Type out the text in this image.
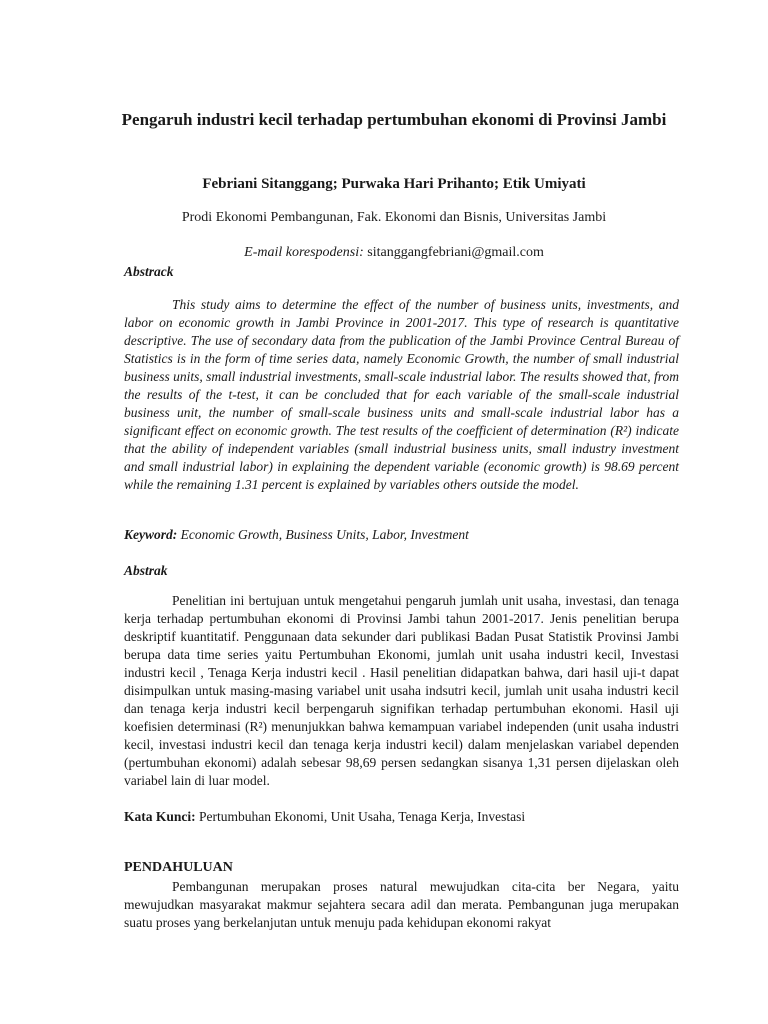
Pengaruh industri kecil terhadap pertumbuhan ekonomi di Provinsi Jambi
Febriani Sitanggang; Purwaka Hari Prihanto; Etik Umiyati
Prodi Ekonomi Pembangunan, Fak. Ekonomi dan Bisnis, Universitas Jambi
E-mail korespodensi: sitanggangfebriani@gmail.com
Abstrack

This study aims to determine the effect of the number of business units, investments, and labor on economic growth in Jambi Province in 2001-2017. This type of research is quantitative descriptive. The use of secondary data from the publication of the Jambi Province Central Bureau of Statistics is in the form of time series data, namely Economic Growth, the number of small industrial business units, small industrial investments, small-scale industrial labor. The results showed that, from the results of the t-test, it can be concluded that for each variable of the small-scale industrial business unit, the number of small-scale business units and small-scale industrial labor has a significant effect on economic growth. The test results of the coefficient of determination (R²) indicate that the ability of independent variables (small industrial business units, small industry investment and small industrial labor) in explaining the dependent variable (economic growth) is 98.69 percent while the remaining 1.31 percent is explained by variables others outside the model.

Keyword: Economic Growth, Business Units, Labor, Investment
Abstrak

Penelitian ini bertujuan untuk mengetahui pengaruh jumlah unit usaha, investasi, dan tenaga kerja terhadap pertumbuhan ekonomi di Provinsi Jambi tahun 2001-2017. Jenis penelitian berupa deskriptif kuantitatif. Penggunaan data sekunder dari publikasi Badan Pusat Statistik Provinsi Jambi berupa data time series yaitu Pertumbuhan Ekonomi, jumlah unit usaha industri kecil, Investasi industri kecil , Tenaga Kerja industri kecil . Hasil penelitian didapatkan bahwa, dari hasil uji-t dapat disimpulkan untuk masing-masing variabel unit usaha indsutri kecil, jumlah unit usaha industri kecil dan tenaga kerja industri kecil berpengaruh signifikan terhadap pertumbuhan ekonomi. Hasil uji koefisien determinasi (R²) menunjukkan bahwa kemampuan variabel independen (unit usaha industri kecil, investasi industri kecil dan tenaga kerja industri kecil) dalam menjelaskan variabel dependen (pertumbuhan ekonomi) adalah sebesar 98,69 persen sedangkan sisanya 1,31 persen dijelaskan oleh variabel lain di luar model.

Kata Kunci: Pertumbuhan Ekonomi, Unit Usaha, Tenaga Kerja, Investasi
PENDAHULUAN

Pembangunan merupakan proses natural mewujudkan cita-cita ber Negara, yaitu mewujudkan masyarakat makmur sejahtera secara adil dan merata. Pembangunan juga merupakan suatu proses yang berkelanjutan untuk menuju pada kehidupan ekonomi rakyat
